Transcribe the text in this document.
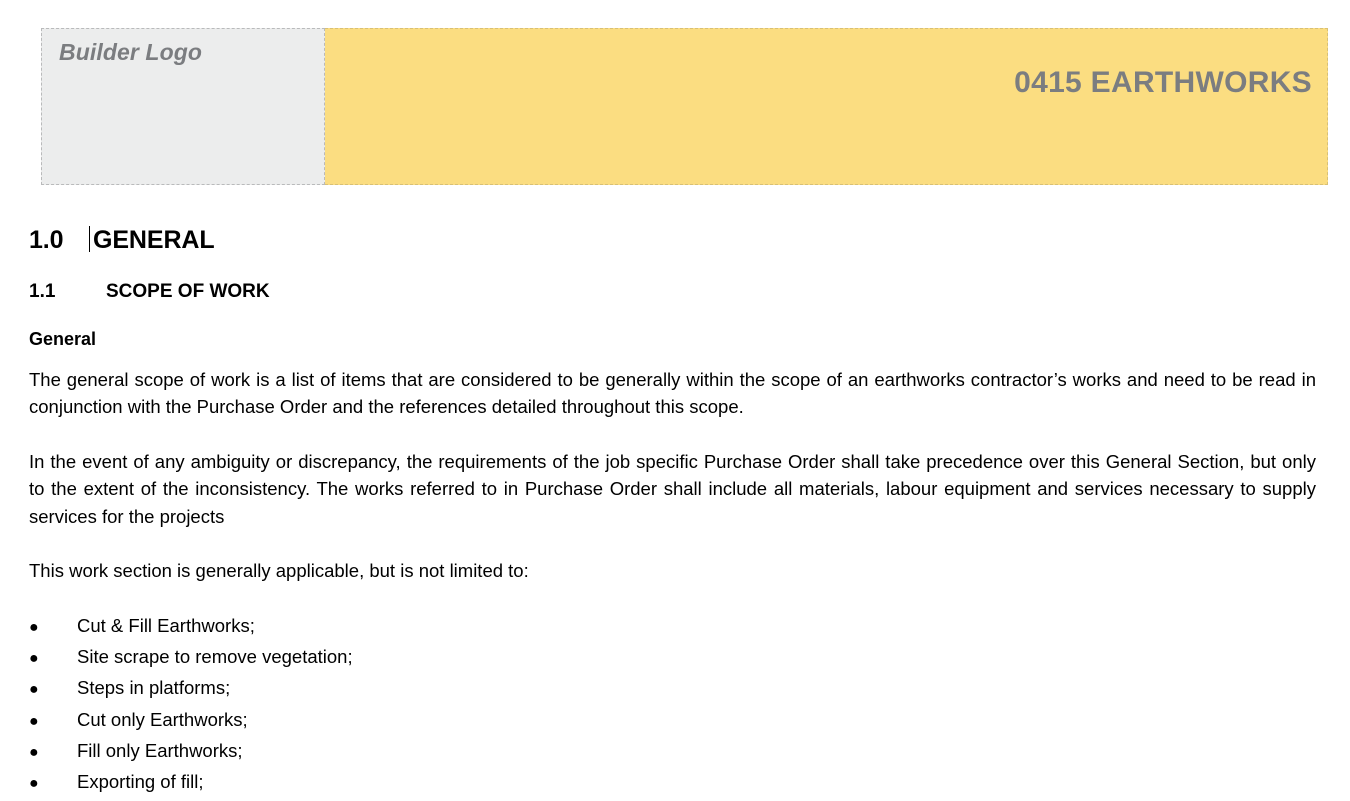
Builder Logo
0415 EARTHWORKS
1.0	GENERAL
1.1	SCOPE OF WORK
General

The general scope of work is a list of items that are considered to be generally within the scope of an earthworks contractor’s works and need to be read in conjunction with the Purchase Order and the references detailed throughout this scope.

In the event of any ambiguity or discrepancy, the requirements of the job specific Purchase Order shall take precedence over this General Section, but only to the extent of the inconsistency. The works referred to in Purchase Order shall include all materials, labour equipment and services necessary to supply services for the projects

This work section is generally applicable, but is not limited to:

●	Cut & Fill Earthworks;
●	Site scrape to remove vegetation;
●	Steps in platforms;
●	Cut only Earthworks;
●	Fill only Earthworks;
●	Exporting of fill;
